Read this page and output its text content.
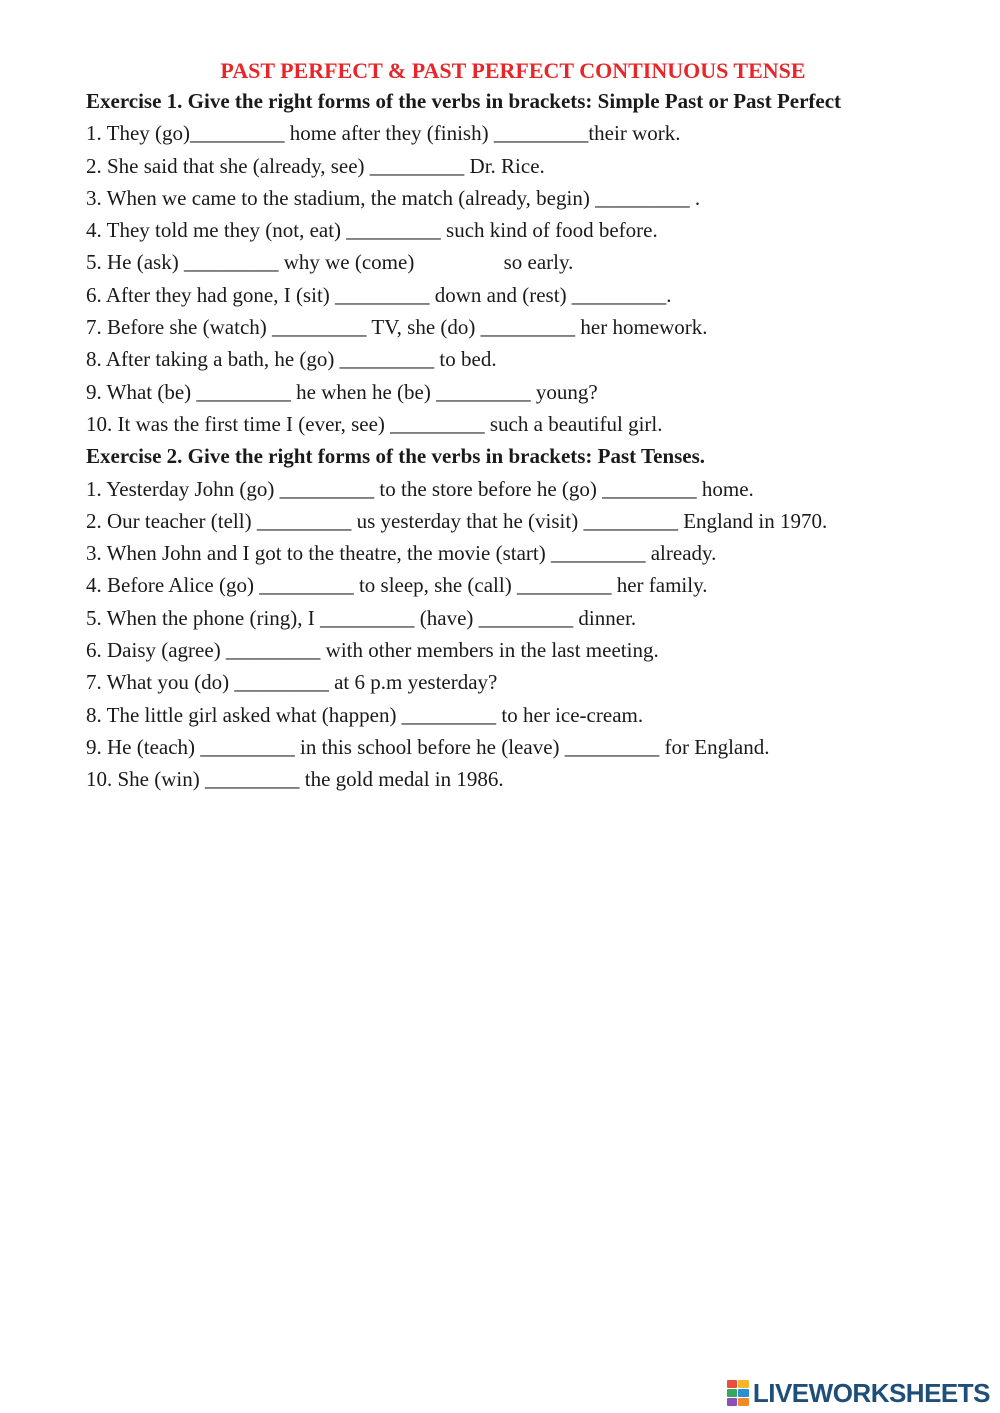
PAST PERFECT & PAST PERFECT CONTINUOUS TENSE
Exercise 1. Give the right forms of the verbs in brackets: Simple Past or Past Perfect
1. They (go)_________ home after they (finish) _________their work.
2. She said that she (already, see) _________ Dr. Rice.
3. When we came to the stadium, the match (already, begin) _________ .
4. They told me they (not, eat) _________ such kind of food before.
5. He (ask) _________ why we (come)                 so early.
6. After they had gone, I (sit) _________ down and (rest) _________.
7. Before she (watch) _________ TV, she (do) _________ her homework.
8. After taking a bath, he (go) _________ to bed.
9. What (be) _________ he when he (be) _________ young?
10. It was the first time I (ever, see) _________ such a beautiful girl.
Exercise 2. Give the right forms of the verbs in brackets: Past Tenses.
1. Yesterday John (go) _________ to the store before he (go) _________ home.
2. Our teacher (tell) _________ us yesterday that he (visit) _________ England in 1970.
3. When John and I got to the theatre, the movie (start) _________ already.
4. Before Alice (go) _________ to sleep, she (call) _________ her family.
5. When the phone (ring), I _________ (have) _________ dinner.
6. Daisy (agree) _________ with other members in the last meeting.
7. What you (do) _________ at 6 p.m yesterday?
8. The little girl asked what (happen) _________ to her ice-cream.
9. He (teach) _________ in this school before he (leave) _________ for England.
10. She (win) _________ the gold medal in 1986.
LIVEWORKSHEETS
